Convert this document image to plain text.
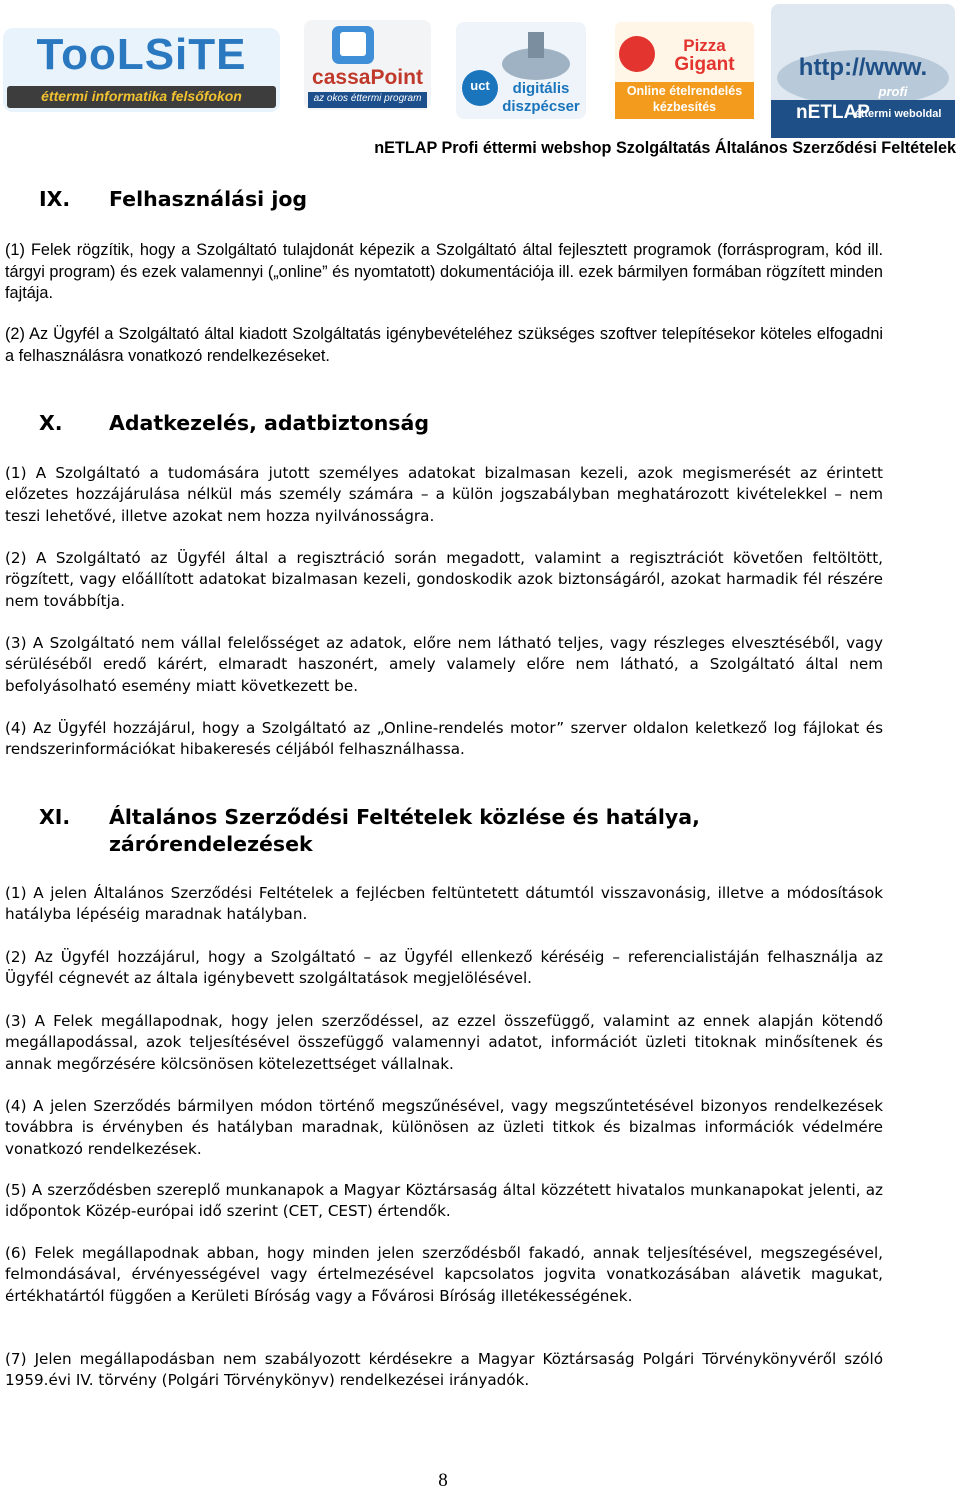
TooLSiTE
éttermi informatika felsőfokon
cassaPoint
az okos éttermi program
uct	digitális
diszpécser
Pizza
Gigant
Online ételrendelés
kézbesítés
http://www.
profi
nETLAP
éttermi weboldal
nETLAP Profi éttermi webshop Szolgáltatás Általános Szerződési Feltételek
IX. Felhasználási jog
(1) Felek rögzítik, hogy a Szolgáltató tulajdonát képezik a Szolgáltató által fejlesztett programok (forrásprogram, kód ill. tárgyi program) és ezek valamennyi („online” és nyomtatott) dokumentációja ill. ezek bármilyen formában rögzített minden fajtája.
(2) Az Ügyfél a Szolgáltató által kiadott Szolgáltatás igénybevételéhez szükséges szoftver telepítésekor köteles elfogadni a felhasználásra vonatkozó rendelkezéseket.
X. Adatkezelés, adatbiztonság
(1) A Szolgáltató a tudomására jutott személyes adatokat bizalmasan kezeli, azok megismerését az érintett előzetes hozzájárulása nélkül más személy számára – a külön jogszabályban meghatározott kivételekkel – nem teszi lehetővé, illetve azokat nem hozza nyilvánosságra.
(2) A Szolgáltató az Ügyfél által a regisztráció során megadott, valamint a regisztrációt követően feltöltött, rögzített, vagy előállított adatokat bizalmasan kezeli, gondoskodik azok biztonságáról, azokat harmadik fél részére nem továbbítja.
(3) A Szolgáltató nem vállal felelősséget az adatok, előre nem látható teljes, vagy részleges elvesztéséből, vagy sérüléséből eredő kárért, elmaradt haszonért, amely valamely előre nem látható, a Szolgáltató által nem befolyásolható esemény miatt következett be.
(4) Az Ügyfél hozzájárul, hogy a Szolgáltató az „Online-rendelés motor” szerver oldalon keletkező log fájlokat és rendszerinformációkat hibakeresés céljából felhasználhassa.
XI. Általános Szerződési Feltételek közlése és hatálya,
zárórendelezések
(1) A jelen Általános Szerződési Feltételek a fejlécben feltüntetett dátumtól visszavonásig, illetve a módosítások hatályba lépéséig maradnak hatályban.
(2) Az Ügyfél hozzájárul, hogy a Szolgáltató – az Ügyfél ellenkező kéréséig – referencialistáján felhasználja az Ügyfél cégnevét az általa igénybevett szolgáltatások megjelölésével.
(3) A Felek megállapodnak, hogy jelen szerződéssel, az ezzel összefüggő, valamint az ennek alapján kötendő megállapodással, azok teljesítésével összefüggő valamennyi adatot, információt üzleti titoknak minősítenek és annak megőrzésére kölcsönösen kötelezettséget vállalnak.
(4) A jelen Szerződés bármilyen módon történő megszűnésével, vagy megszűntetésével bizonyos rendelkezések továbbra is érvényben és hatályban maradnak, különösen az üzleti titkok és bizalmas információk védelmére vonatkozó rendelkezések.
(5) A szerződésben szereplő munkanapok a Magyar Köztársaság által közzétett hivatalos munkanapokat jelenti, az időpontok Közép-európai idő szerint (CET, CEST) értendők.
(6) Felek megállapodnak abban, hogy minden jelen szerződésből fakadó, annak teljesítésével, megszegésével, felmondásával, érvényességével vagy értelmezésével kapcsolatos jogvita vonatkozásában alávetik magukat, értékhatártól függően a Kerületi Bíróság vagy a Fővárosi Bíróság illetékességének.
(7) Jelen megállapodásban nem szabályozott kérdésekre a Magyar Köztársaság Polgári Törvénykönyvéről szóló 1959.évi IV. törvény (Polgári Törvénykönyv) rendelkezései irányadók.
8
